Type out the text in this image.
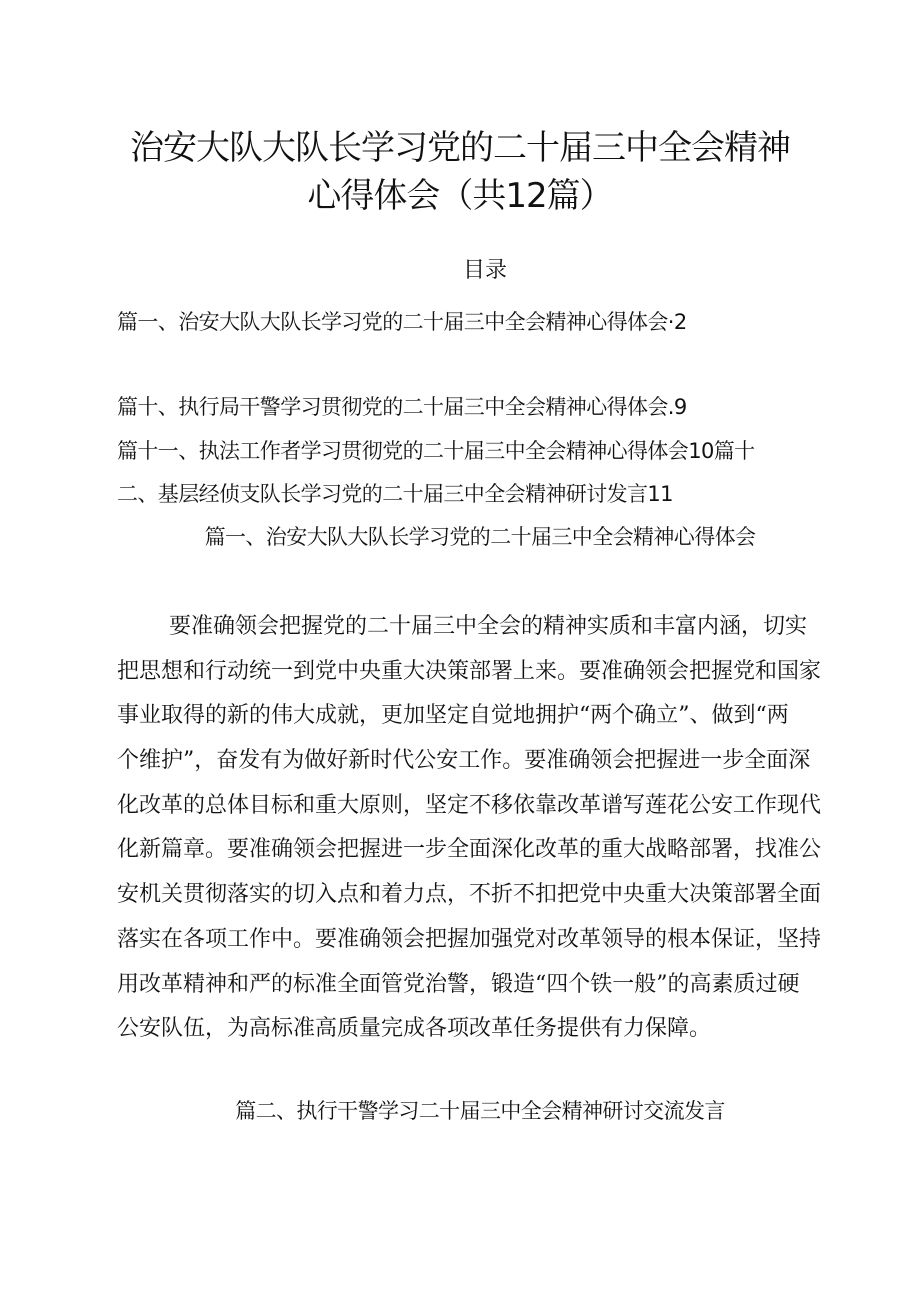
治安大队大队长学习党的二十届三中全会精神
心得体会（共12篇）
目录
篇一、治安大队大队长学习党的二十届三中全会精神心得体会·2
篇十、执行局干警学习贯彻党的二十届三中全会精神心得体会.9
篇十一、执法工作者学习贯彻党的二十届三中全会精神心得体会10篇十
二、基层经侦支队长学习党的二十届三中全会精神研讨发言11
篇一、治安大队大队长学习党的二十届三中全会精神心得体会
要准确领会把握党的二十届三中全会的精神实质和丰富内涵，切实
把思想和行动统一到党中央重大决策部署上来。要准确领会把握党和国家
事业取得的新的伟大成就，更加坚定自觉地拥护“两个确立”、做到“两
个维护”，奋发有为做好新时代公安工作。要准确领会把握进一步全面深
化改革的总体目标和重大原则，坚定不移依靠改革谱写莲花公安工作现代
化新篇章。要准确领会把握进一步全面深化改革的重大战略部署，找准公
安机关贯彻落实的切入点和着力点，不折不扣把党中央重大决策部署全面
落实在各项工作中。要准确领会把握加强党对改革领导的根本保证，坚持
用改革精神和严的标准全面管党治警，锻造“四个铁一般”的高素质过硬
公安队伍，为高标准高质量完成各项改革任务提供有力保障。
篇二、执行干警学习二十届三中全会精神研讨交流发言
